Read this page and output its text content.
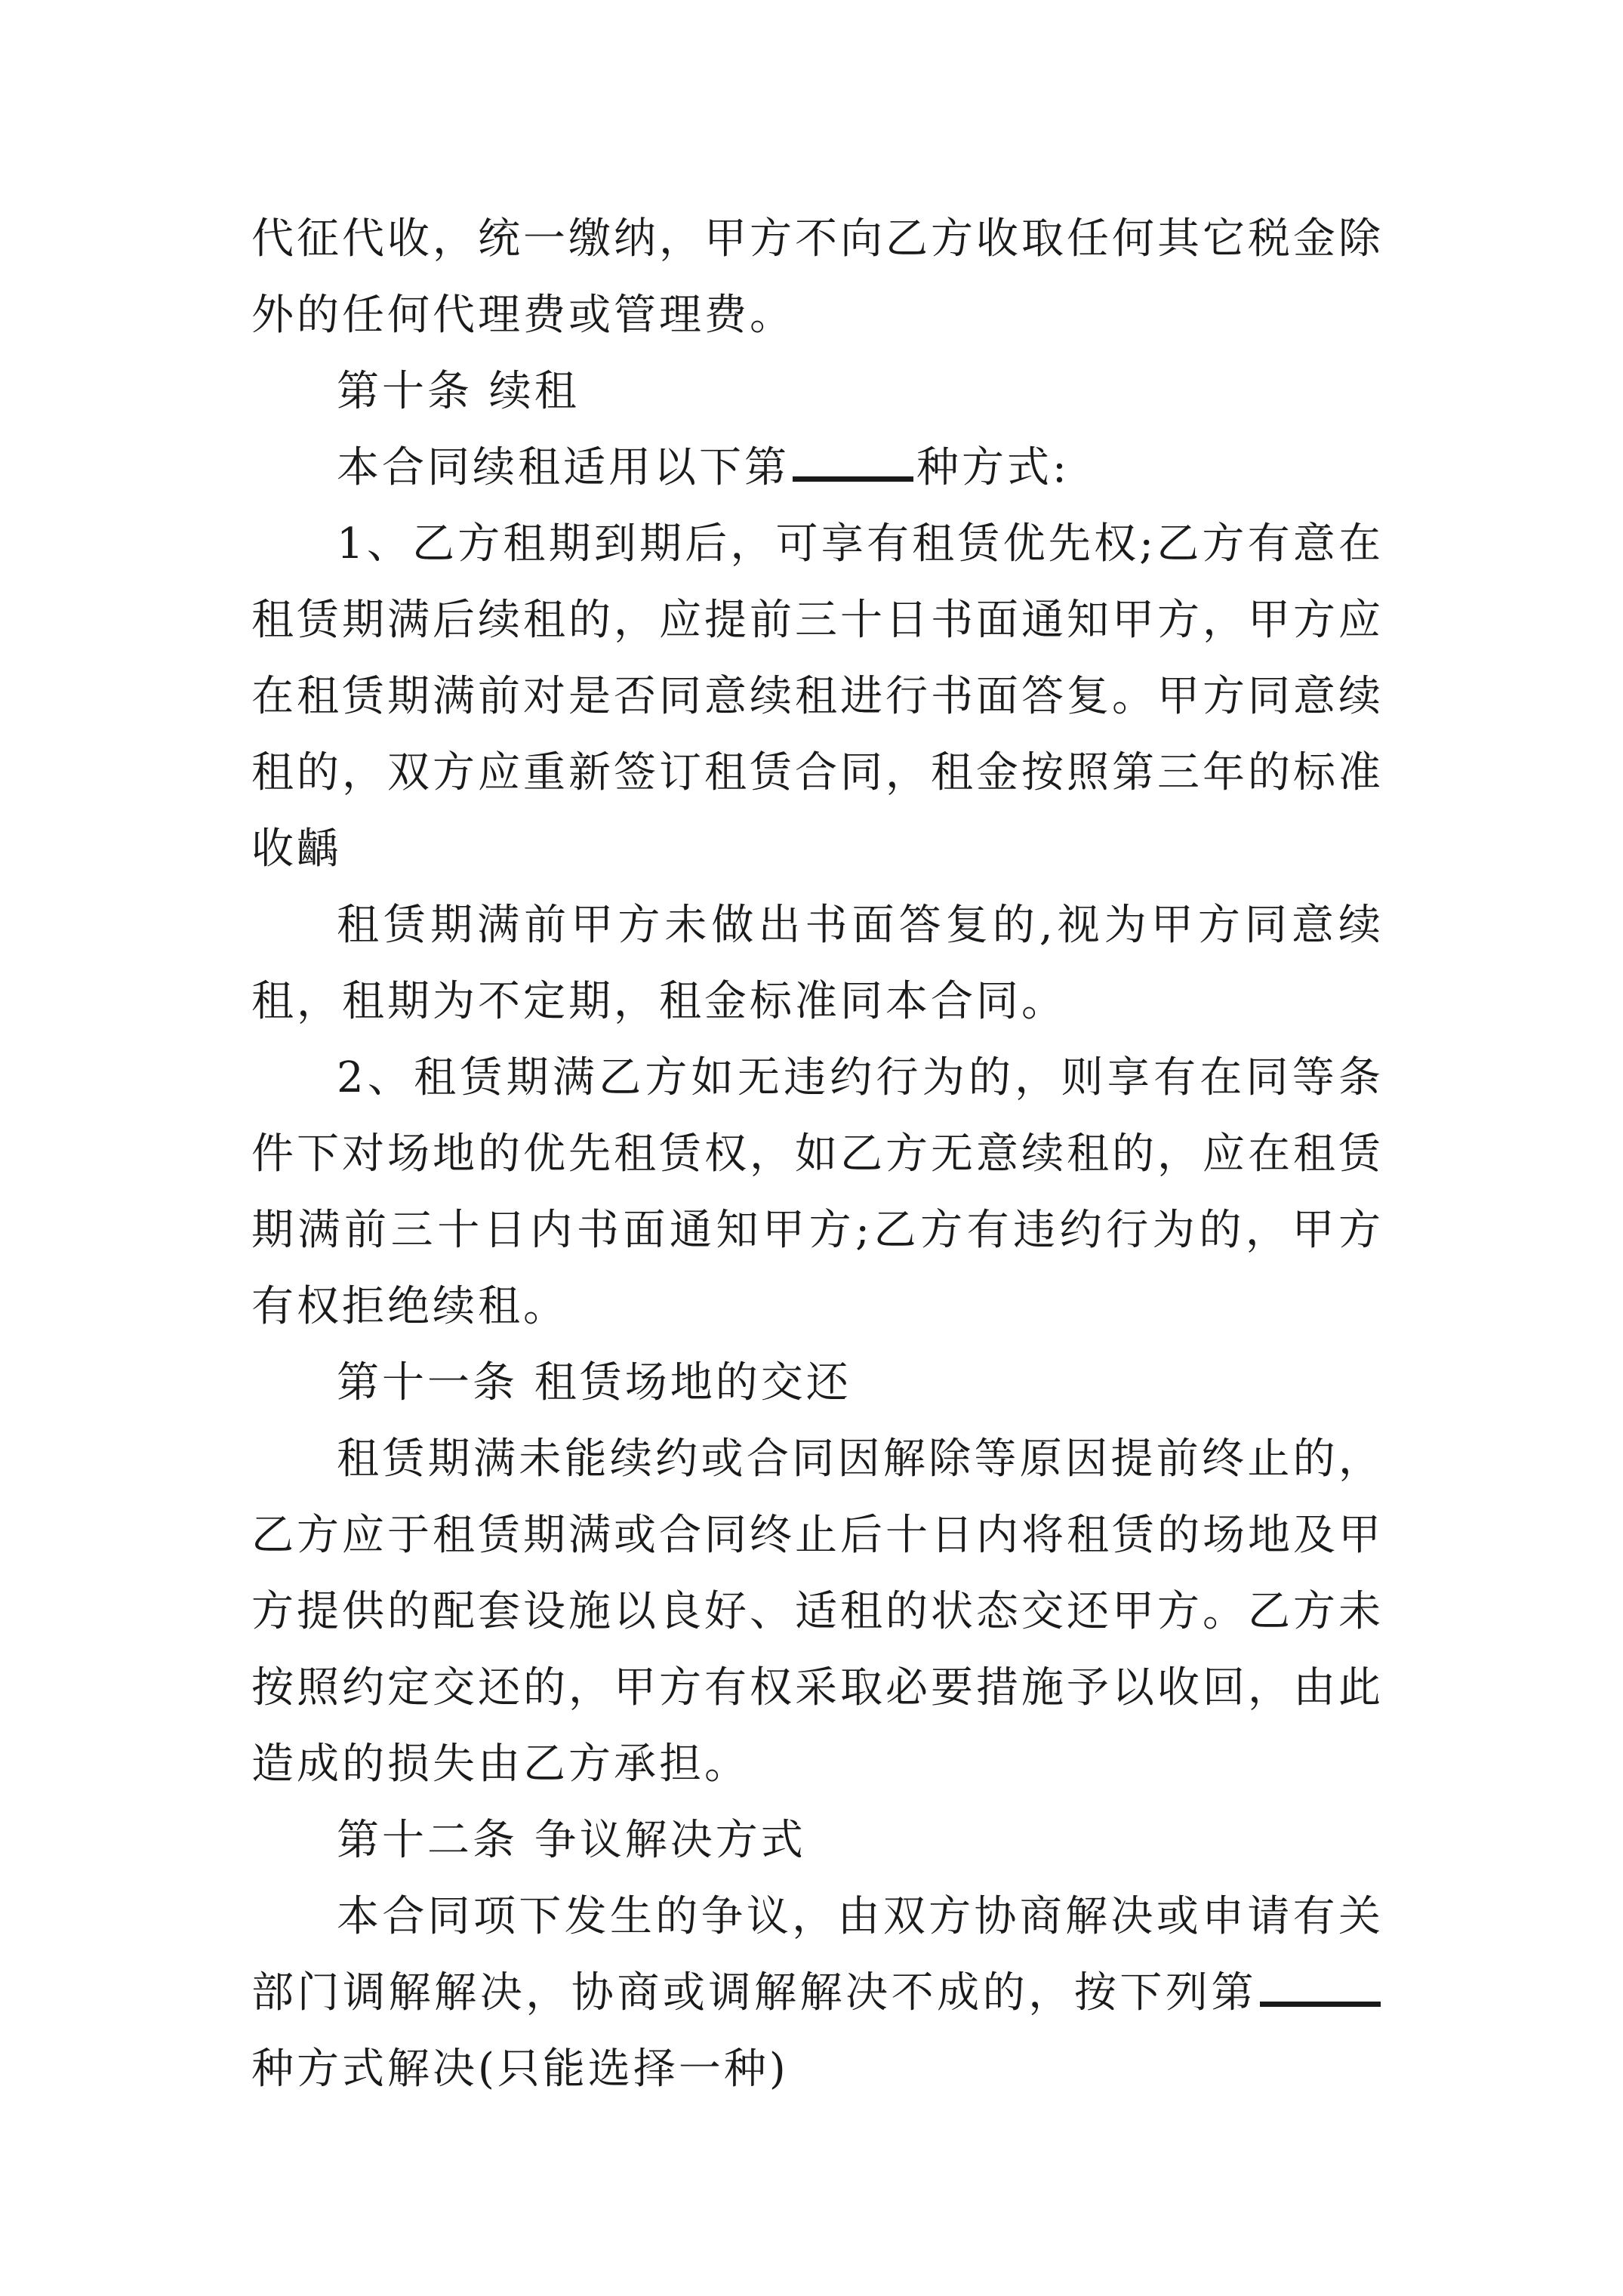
代征代收，统一缴纳，甲方不向乙方收取任何其它税金除外的任何代理费或管理费。

第十条 续租

本合同续租适用以下第	种方式:

1、乙方租期到期后，可享有租赁优先权;乙方有意在租赁期满后续租的，应提前三十日书面通知甲方，甲方应在租赁期满前对是否同意续租进行书面答复。甲方同意续租的，双方应重新签订租赁合同，租金按照第三年的标准收齲

租赁期满前甲方未做出书面答复的,视为甲方同意续租，租期为不定期，租金标准同本合同。

2、租赁期满乙方如无违约行为的，则享有在同等条件下对场地的优先租赁权，如乙方无意续租的，应在租赁期满前三十日内书面通知甲方;乙方有违约行为的，甲方有权拒绝续租。

第十一条 租赁场地的交还

租赁期满未能续约或合同因解除等原因提前终止的，乙方应于租赁期满或合同终止后十日内将租赁的场地及甲方提供的配套设施以良好、适租的状态交还甲方。乙方未按照约定交还的，甲方有权采取必要措施予以收回，由此造成的损失由乙方承担。

第十二条 争议解决方式

本合同项下发生的争议，由双方协商解决或申请有关部门调解解决，协商或调解解决不成的，按下列第种方式解决(只能选择一种)
